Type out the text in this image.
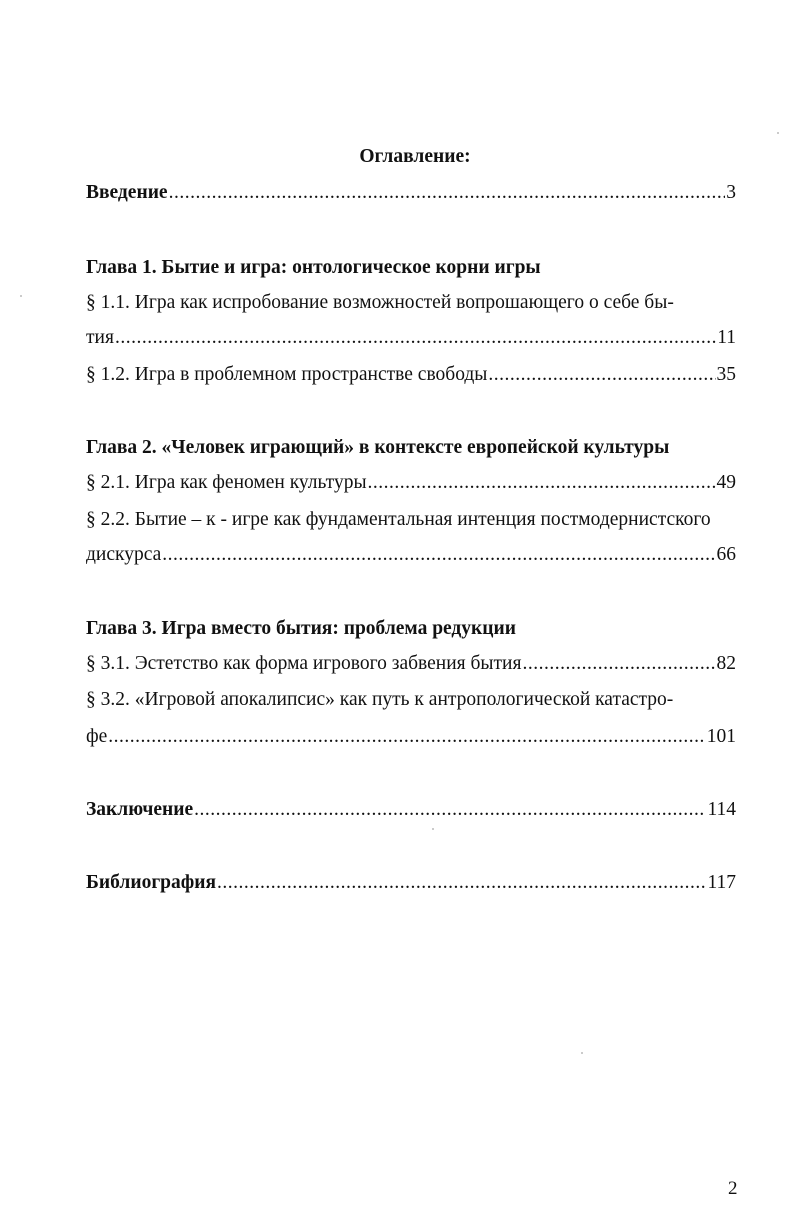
Оглавление:
Введение .....	3
Глава 1. Бытие и игра: онтологическое корни игры
§ 1.1. Игра как испробование возможностей вопрошающего о себе бы-
тия .....	11
§ 1.2. Игра в проблемном пространстве свободы .....	35
Глава 2. «Человек играющий» в контексте европейской культуры
§ 2.1. Игра как феномен культуры .....	49
§ 2.2. Бытие – к - игре как фундаментальная интенция постмодернистского
дискурса .....	66
Глава 3. Игра вместо бытия: проблема редукции
§ 3.1. Эстетство как форма игрового забвения бытия .....	82
§ 3.2. «Игровой апокалипсис» как путь к антропологической катастро-
фе .....	101
Заключение .....	114
Библиография .....	117
2
